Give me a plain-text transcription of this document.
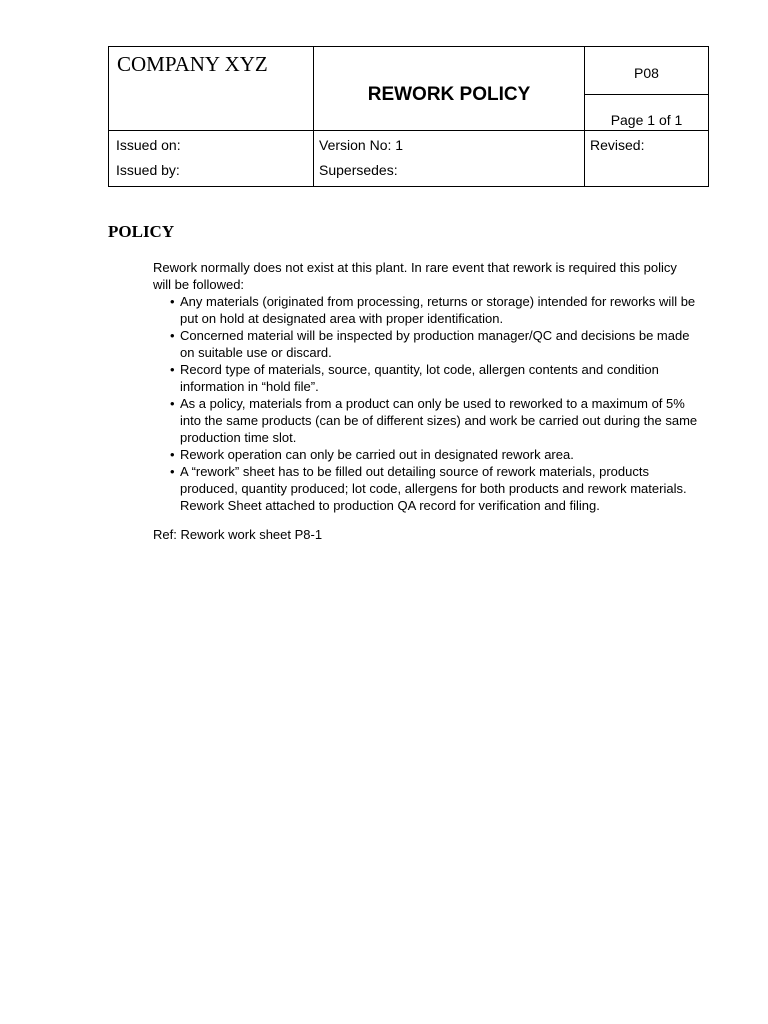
COMPANY XYZ
REWORK POLICY
P08
Page 1 of 1
Issued on:
Issued by:
Version No: 1
Supersedes:
Revised:
POLICY

Rework normally does not exist at this plant. In rare event that rework is required this policy will be followed:

• Any materials (originated from processing, returns or storage) intended for reworks will be put on hold at designated area with proper identification.
• Concerned material will be inspected by production manager/QC and decisions be made on suitable use or discard.
• Record type of materials, source, quantity, lot code, allergen contents and condition information in “hold file”.
• As a policy, materials from a product can only be used to reworked to a maximum of 5% into the same products (can be of different sizes) and work be carried out during the same production time slot.
• Rework operation can only be carried out in designated rework area.
• A “rework” sheet has to be filled out detailing source of rework materials, products produced, quantity produced; lot code, allergens for both products and rework materials. Rework Sheet attached to production QA record for verification and filing.
Ref: Rework work sheet P8-1
